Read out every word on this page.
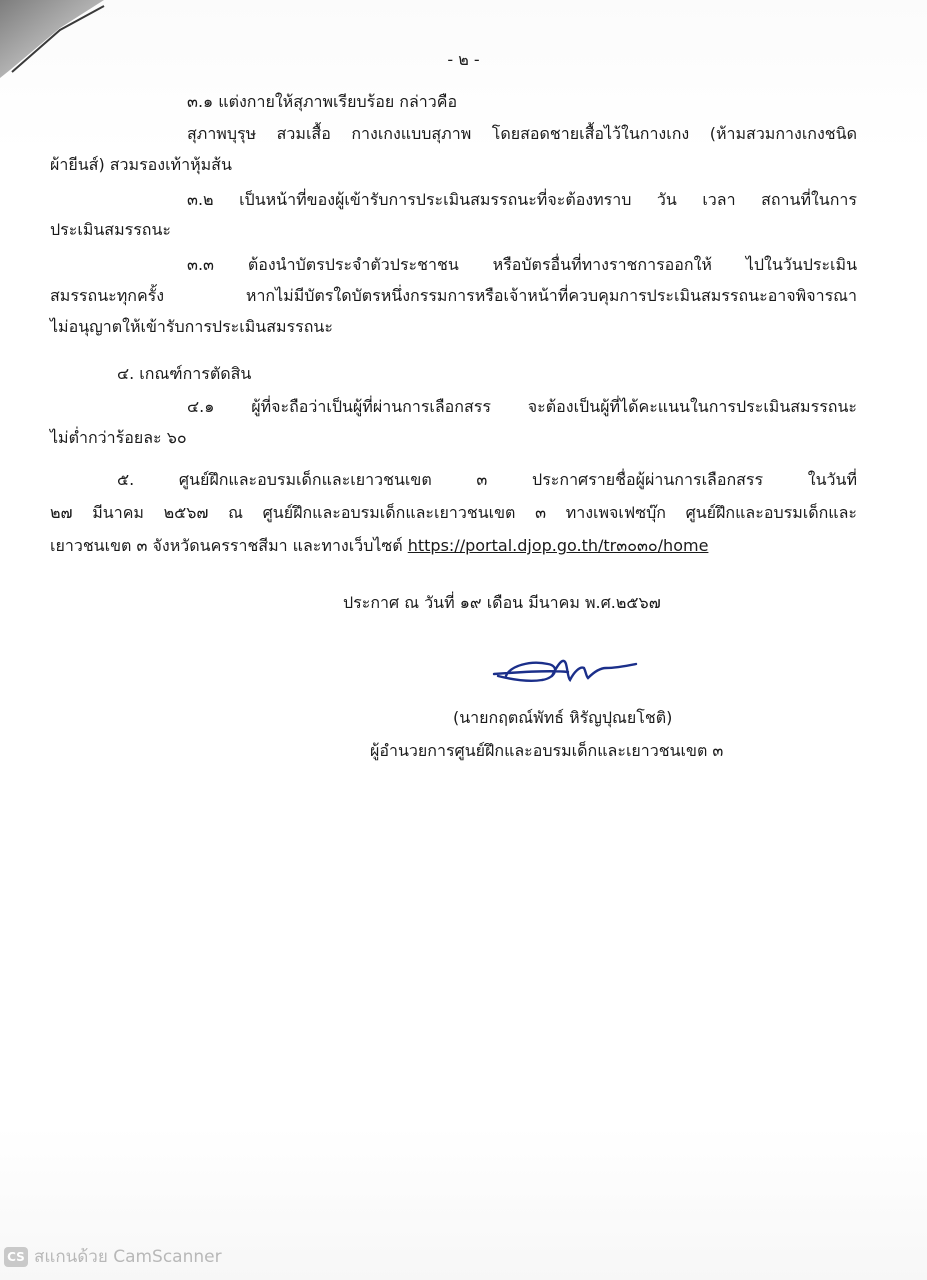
- ๒ -
๓.๑ แต่งกายให้สุภาพเรียบร้อย กล่าวคือ
สุภาพบุรุษ สวมเสื้อ กางเกงแบบสุภาพ โดยสอดชายเสื้อไว้ในกางเกง (ห้ามสวมกางเกงชนิด
ผ้ายีนส์) สวมรองเท้าหุ้มส้น
๓.๒ เป็นหน้าที่ของผู้เข้ารับการประเมินสมรรถนะที่จะต้องทราบ วัน เวลา สถานที่ในการ
ประเมินสมรรถนะ
๓.๓ ต้องนำบัตรประจำตัวประชาชน หรือบัตรอื่นที่ทางราชการออกให้ ไปในวันประเมิน
สมรรถนะทุกครั้ง หากไม่มีบัตรใดบัตรหนึ่งกรรมการหรือเจ้าหน้าที่ควบคุมการประเมินสมรรถนะอาจพิจารณา
ไม่อนุญาตให้เข้ารับการประเมินสมรรถนะ
๔. เกณฑ์การตัดสิน
๔.๑ ผู้ที่จะถือว่าเป็นผู้ที่ผ่านการเลือกสรร จะต้องเป็นผู้ที่ได้คะแนนในการประเมินสมรรถนะ
ไม่ต่ำกว่าร้อยละ ๖๐
๕. ศูนย์ฝึกและอบรมเด็กและเยาวชนเขต ๓ ประกาศรายชื่อผู้ผ่านการเลือกสรร ในวันที่
๒๗ มีนาคม ๒๕๖๗ ณ ศูนย์ฝึกและอบรมเด็กและเยาวชนเขต ๓ ทางเพจเฟซบุ๊ก ศูนย์ฝึกและอบรมเด็กและ
เยาวชนเขต ๓ จังหวัดนครราชสีมา และทางเว็บไซต์ https://portal.djop.go.th/tr๓๐๓๐/home
ประกาศ ณ วันที่ ๑๙ เดือน มีนาคม พ.ศ.๒๕๖๗
(นายกฤตณ์พัทธ์ หิรัญปุณยโชติ)
ผู้อำนวยการศูนย์ฝึกและอบรมเด็กและเยาวชนเขต ๓
CS สแกนด้วย CamScanner
